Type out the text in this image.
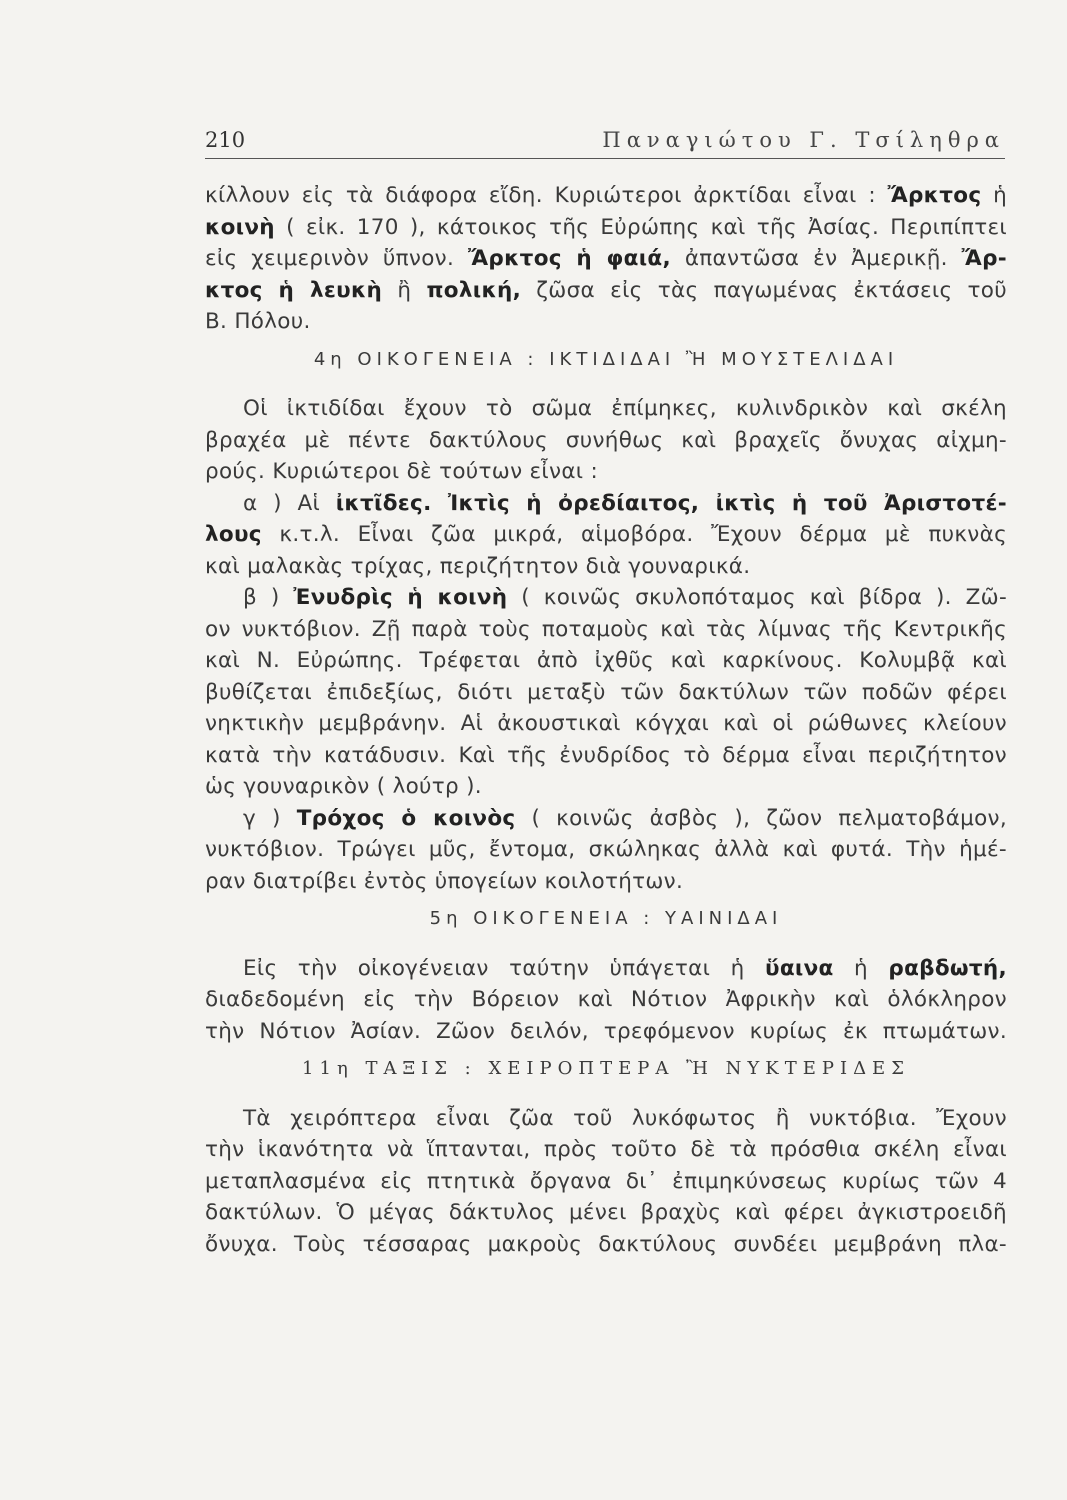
210	Παναγιώτου Γ. Τσίληθρα
κίλλουν εἰς τὰ διάφορα εἴδη. Κυριώτεροι ἀρκτίδαι εἶναι : Ἄρκτος ἡ
κοινὴ ( εἰκ. 170 ), κάτοικος τῆς Εὐρώπης καὶ τῆς Ἀσίας. Περιπίπτει
εἰς χειμερινὸν ὕπνον. Ἄρκτος ἡ φαιά, ἀπαντῶσα ἐν Ἀμερικῇ. Ἄρ-
κτος ἡ λευκὴ ἢ πολική, ζῶσα εἰς τὰς παγωμένας ἐκτάσεις τοῦ
Β. Πόλου.
4η ΟΙΚΟΓΕΝΕΙΑ : ΙΚΤΙΔΙΔΑΙ Ἢ ΜΟΥΣΤΕΛΙΔΑΙ
Οἱ ἰκτιδίδαι ἔχουν τὸ σῶμα ἐπίμηκες, κυλινδρικὸν καὶ σκέλη
βραχέα μὲ πέντε δακτύλους συνήθως καὶ βραχεῖς ὄνυχας αἰχμη-
ρούς. Κυριώτεροι δὲ τούτων εἶναι :
α ) Αἱ ἰκτῖδες. Ἰκτὶς ἡ ὀρεδίαιτος, ἰκτὶς ἡ τοῦ Ἀριστοτέ-
λους κ.τ.λ. Εἶναι ζῶα μικρά, αἱμοβόρα. Ἔχουν δέρμα μὲ πυκνὰς
καὶ μαλακὰς τρίχας, περιζήτητον διὰ γουναρικά.
β ) Ἐνυδρὶς ἡ κοινὴ ( κοινῶς σκυλοπόταμος καὶ βίδρα ). Ζῶ-
ον νυκτόβιον. Ζῇ παρὰ τοὺς ποταμοὺς καὶ τὰς λίμνας τῆς Κεντρικῆς
καὶ Ν. Εὐρώπης. Τρέφεται ἀπὸ ἰχθῦς καὶ καρκίνους. Κολυμβᾷ καὶ
βυθίζεται ἐπιδεξίως, διότι μεταξὺ τῶν δακτύλων τῶν ποδῶν φέρει
νηκτικὴν μεμβράνην. Αἱ ἀκουστικαὶ κόγχαι καὶ οἱ ρώθωνες κλείουν
κατὰ τὴν κατάδυσιν. Καὶ τῆς ἐνυδρίδος τὸ δέρμα εἶναι περιζήτητον
ὡς γουναρικὸν ( λούτρ ).
γ ) Τρόχος ὁ κοινὸς ( κοινῶς ἀσβὸς ), ζῶον πελματοβάμον,
νυκτόβιον. Τρώγει μῦς, ἔντομα, σκώληκας ἀλλὰ καὶ φυτά. Τὴν ἡμέ-
ραν διατρίβει ἐντὸς ὑπογείων κοιλοτήτων.
5η ΟΙΚΟΓΕΝΕΙΑ : ΥΑΙΝΙΔΑΙ
Εἰς τὴν οἰκογένειαν ταύτην ὑπάγεται ἡ ὕαινα ἡ ραβδωτή,
διαδεδομένη εἰς τὴν Βόρειον καὶ Νότιον Ἀφρικὴν καὶ ὁλόκληρον
τὴν Νότιον Ἀσίαν. Ζῶον δειλόν, τρεφόμενον κυρίως ἐκ πτωμάτων.
11η ΤΑΞΙΣ : ΧΕΙΡΟΠΤΕΡΑ Ἢ ΝΥΚΤΕΡΙΔΕΣ
Τὰ χειρόπτερα εἶναι ζῶα τοῦ λυκόφωτος ἢ νυκτόβια. Ἔχουν
τὴν ἱκανότητα νὰ ἵπτανται, πρὸς τοῦτο δὲ τὰ πρόσθια σκέλη εἶναι
μεταπλασμένα εἰς πτητικὰ ὄργανα δι᾿ ἐπιμηκύνσεως κυρίως τῶν 4
δακτύλων. Ὁ μέγας δάκτυλος μένει βραχὺς καὶ φέρει ἀγκιστροειδῆ
ὄνυχα. Τοὺς τέσσαρας μακροὺς δακτύλους συνδέει μεμβράνη πλα-
